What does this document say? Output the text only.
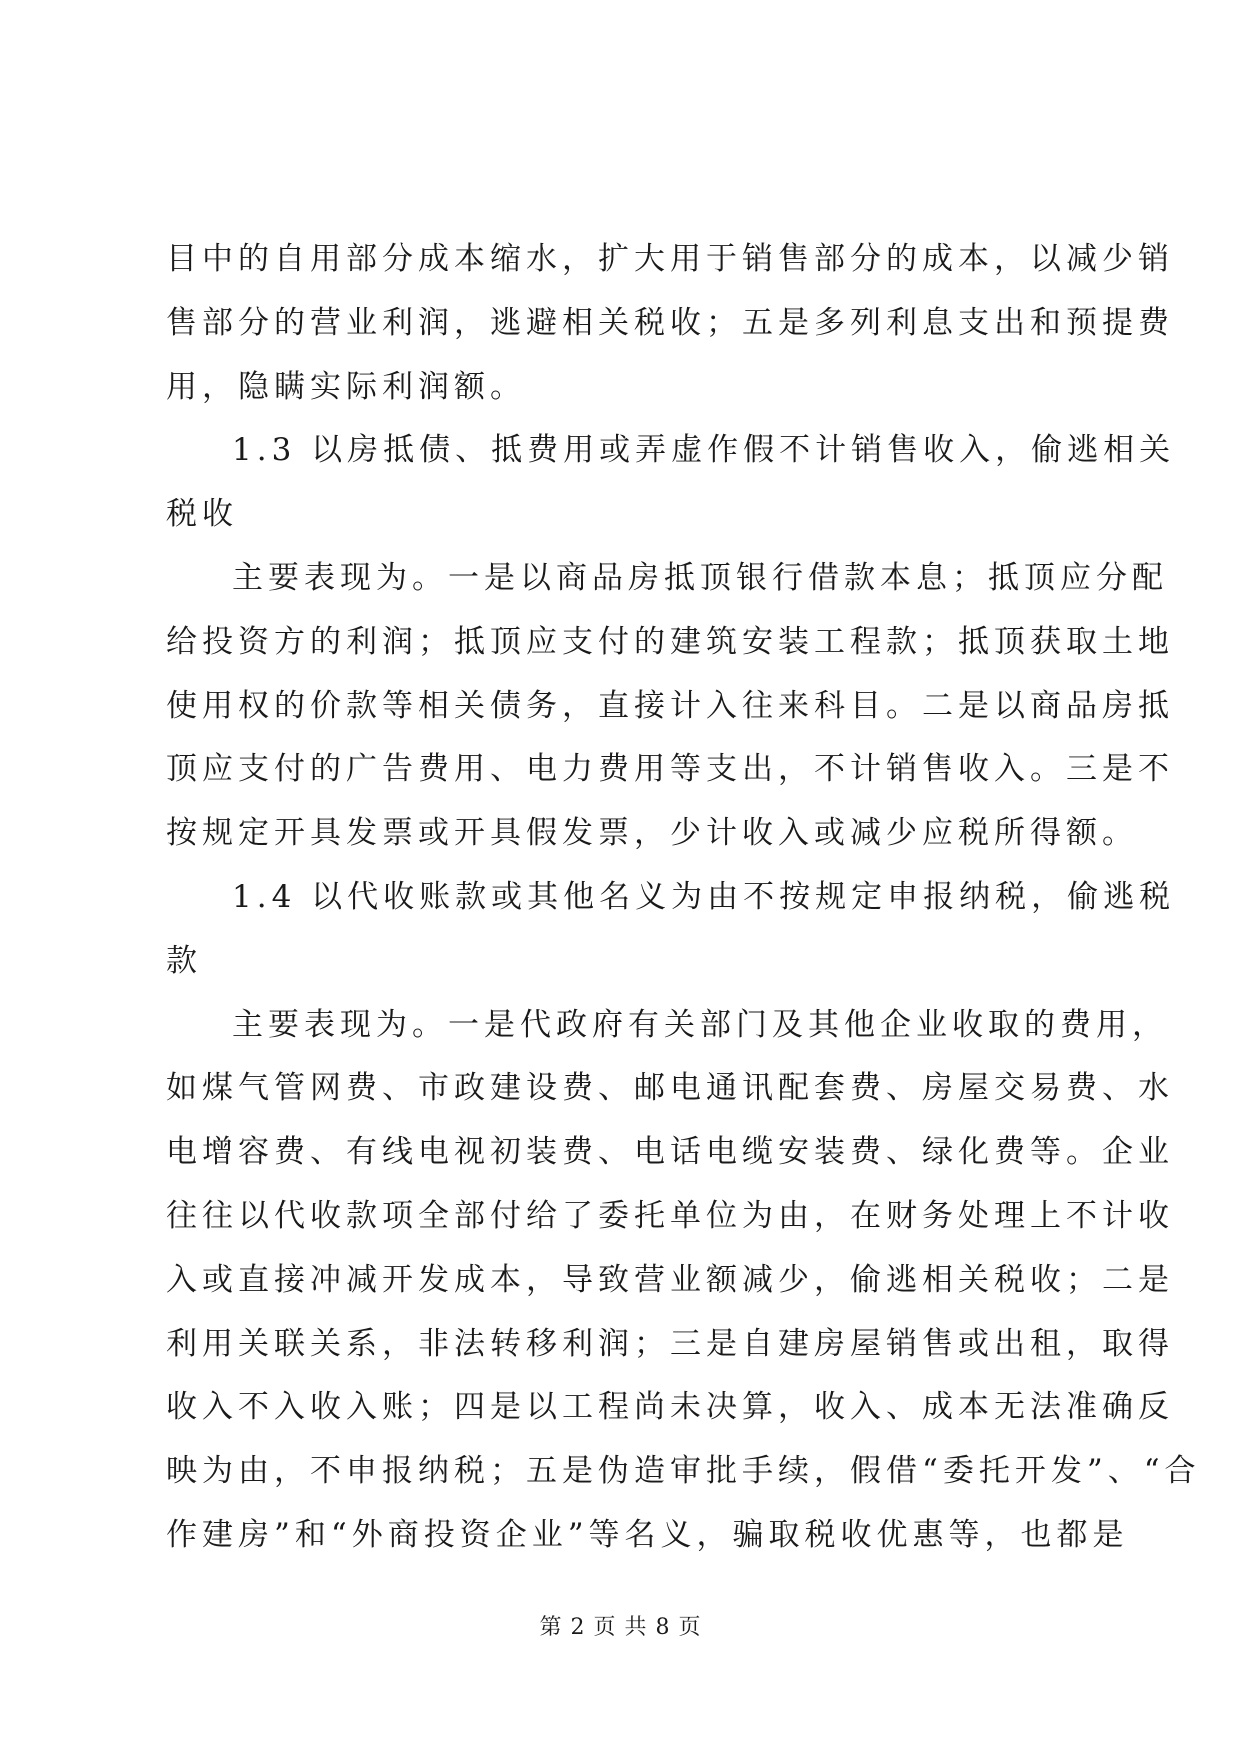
目中的自用部分成本缩水，扩大用于销售部分的成本，以减少销
售部分的营业利润，逃避相关税收；五是多列利息支出和预提费
用，隐瞒实际利润额。
1.3 以房抵债、抵费用或弄虚作假不计销售收入，偷逃相关
税收
主要表现为。一是以商品房抵顶银行借款本息；抵顶应分配
给投资方的利润；抵顶应支付的建筑安装工程款；抵顶获取土地
使用权的价款等相关债务，直接计入往来科目。二是以商品房抵
顶应支付的广告费用、电力费用等支出，不计销售收入。三是不
按规定开具发票或开具假发票，少计收入或减少应税所得额。
1.4 以代收账款或其他名义为由不按规定申报纳税，偷逃税
款
主要表现为。一是代政府有关部门及其他企业收取的费用，
如煤气管网费、市政建设费、邮电通讯配套费、房屋交易费、水
电增容费、有线电视初装费、电话电缆安装费、绿化费等。企业
往往以代收款项全部付给了委托单位为由，在财务处理上不计收
入或直接冲减开发成本，导致营业额减少，偷逃相关税收；二是
利用关联关系，非法转移利润；三是自建房屋销售或出租，取得
收入不入收入账；四是以工程尚未决算，收入、成本无法准确反
映为由，不申报纳税；五是伪造审批手续，假借“委托开发”、“合
作建房”和“外商投资企业”等名义，骗取税收优惠等，也都是
第 2 页 共 8 页
